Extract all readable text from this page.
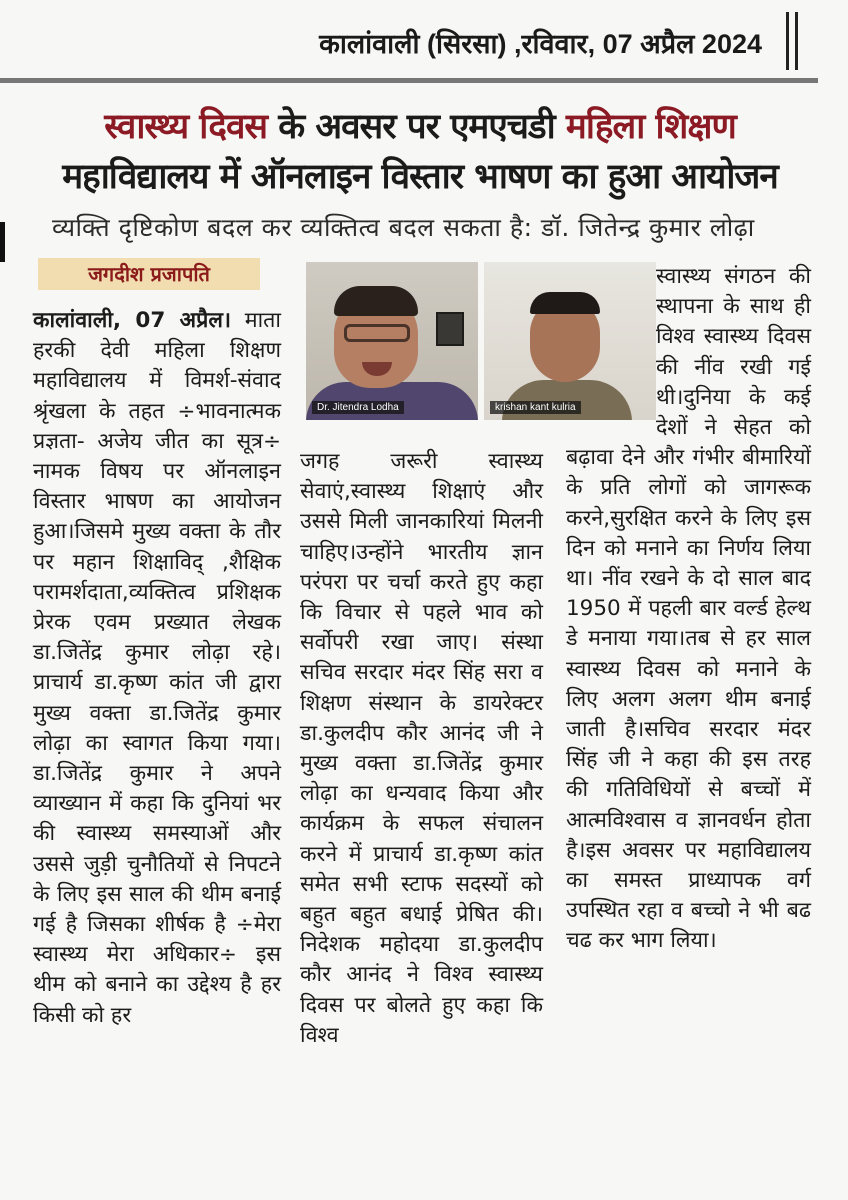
कालांवाली (सिरसा) ,रविवार, 07 अप्रैल 2024
स्वास्थ्य दिवस के अवसर पर एमएचडी महिला शिक्षण
महाविद्यालय में ऑनलाइन विस्तार भाषण का हुआ आयोजन
व्यक्ति दृष्टिकोण बदल कर व्यक्तित्व बदल सकता है: डॉ. जितेन्द्र कुमार लोढ़ा
जगदीश प्रजापति
कालांवाली, 07 अप्रैल। माता हरकी देवी महिला शिक्षण महाविद्यालय में विमर्श-संवाद श्रृंखला के तहत ÷भावनात्मक प्रज्ञता- अजेय जीत का सूत्र÷ नामक विषय पर ऑनलाइन विस्तार भाषण का आयोजन हुआ।जिसमे मुख्य वक्ता के तौर पर महान शिक्षाविद् ,शैक्षिक परामर्शदाता,व्यक्तित्व प्रशिक्षक प्रेरक एवम प्रख्यात लेखक डा.जितेंद्र कुमार लोढ़ा रहे। प्राचार्य डा.कृष्ण कांत जी द्वारा मुख्य वक्ता डा.जितेंद्र कुमार लोढ़ा का स्वागत किया गया। डा.जितेंद्र कुमार ने अपने व्याख्यान में कहा कि दुनियां भर की स्वास्थ्य समस्याओं और उससे जुड़ी चुनौतियों से निपटने के लिए इस साल की थीम बनाई गई है जिसका शीर्षक है ÷मेरा स्वास्थ्य मेरा अधिकार÷ इस थीम को बनाने का उद्देश्य है हर किसी को हर
Dr. Jitendra Lodha	krishan kant kulria
जगह जरूरी स्वास्थ्य सेवाएं,स्वास्थ्य शिक्षाएं और उससे मिली जानकारियां मिलनी चाहिए।उन्होंने भारतीय ज्ञान परंपरा पर चर्चा करते हुए कहा कि विचार से पहले भाव को सर्वोपरी रखा जाए। संस्था सचिव सरदार मंदर सिंह सरा व शिक्षण संस्थान के डायरेक्टर डा.कुलदीप कौर आनंद जी ने मुख्य वक्ता डा.जितेंद्र कुमार लोढ़ा का धन्यवाद किया और कार्यक्रम के सफल संचालन करने में प्राचार्य डा.कृष्ण कांत समेत सभी स्टाफ सदस्यों को बहुत बहुत बधाई प्रेषित की। निदेशक महोदया डा.कुलदीप कौर आनंद ने विश्व स्वास्थ्य दिवस पर बोलते हुए कहा कि विश्व
स्वास्थ्य संगठन की स्थापना के साथ ही विश्व स्वास्थ्य दिवस की नींव रखी गई थी।दुनिया के कई देशों ने सेहत को बढ़ावा देने और गंभीर बीमारियों के प्रति लोगों को जागरूक करने,सुरक्षित करने के लिए इस दिन को मनाने का निर्णय लिया था। नींव रखने के दो साल बाद 1950 में पहली बार वर्ल्ड हेल्थ डे मनाया गया।तब से हर साल स्वास्थ्य दिवस को मनाने के लिए अलग अलग थीम बनाई जाती है।सचिव सरदार मंदर सिंह जी ने कहा की इस तरह की गतिविधियों से बच्चों में आत्मविश्वास व ज्ञानवर्धन होता है।इस अवसर पर महाविद्यालय का समस्त प्राध्यापक वर्ग उपस्थित रहा व बच्चो ने भी बढ चढ कर भाग लिया।
